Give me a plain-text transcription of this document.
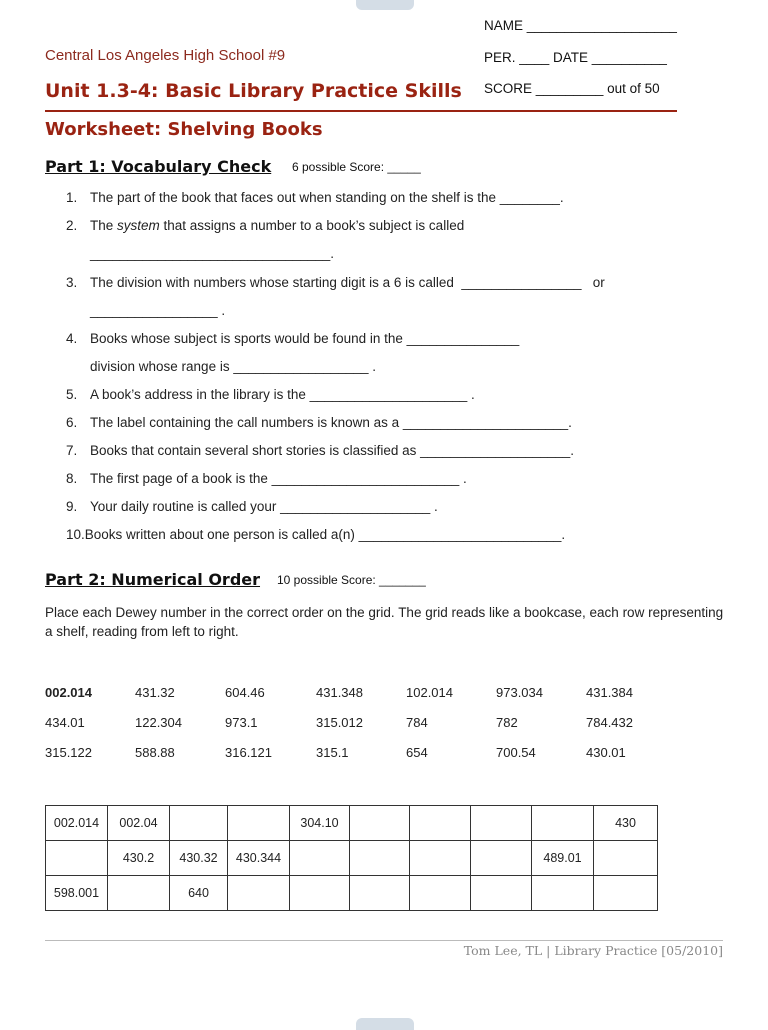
NAME ____________________
PER. ____ DATE __________
SCORE _________ out of 50
Central Los Angeles High School #9
Unit 1.3-4: Basic Library Practice Skills
Worksheet: Shelving Books
Part 1: Vocabulary Check 6 possible Score: _____
1. The part of the book that faces out when standing on the shelf is the ________.
2. The system that assigns a number to a book’s subject is called
________________________________.
3. The division with numbers whose starting digit is a 6 is called  ________________   or
_________________ .
4. Books whose subject is sports would be found in the _______________
division whose range is __________________ .
5. A book’s address in the library is the _____________________ .
6. The label containing the call numbers is known as a ______________________.
7. Books that contain several short stories is classified as ____________________.
8. The first page of a book is the _________________________ .
9. Your daily routine is called your ____________________ .
10.Books written about one person is called a(n) ___________________________.
Part 2: Numerical Order 10 possible Score: _______
Place each Dewey number in the correct order on the grid. The grid reads like a bookcase, each row representing a shelf, reading from left to right.
002.014	431.32	604.46	431.348	102.014	973.034	431.384
434.01	122.304	973.1	315.012	784	782	784.432
315.122	588.88	316.121	315.1	654	700.54	430.01
002.014	002.04			304.10					430
	430.2	430.32	430.344					489.01	
598.001		640							
Tom Lee, TL | Library Practice [05/2010]
